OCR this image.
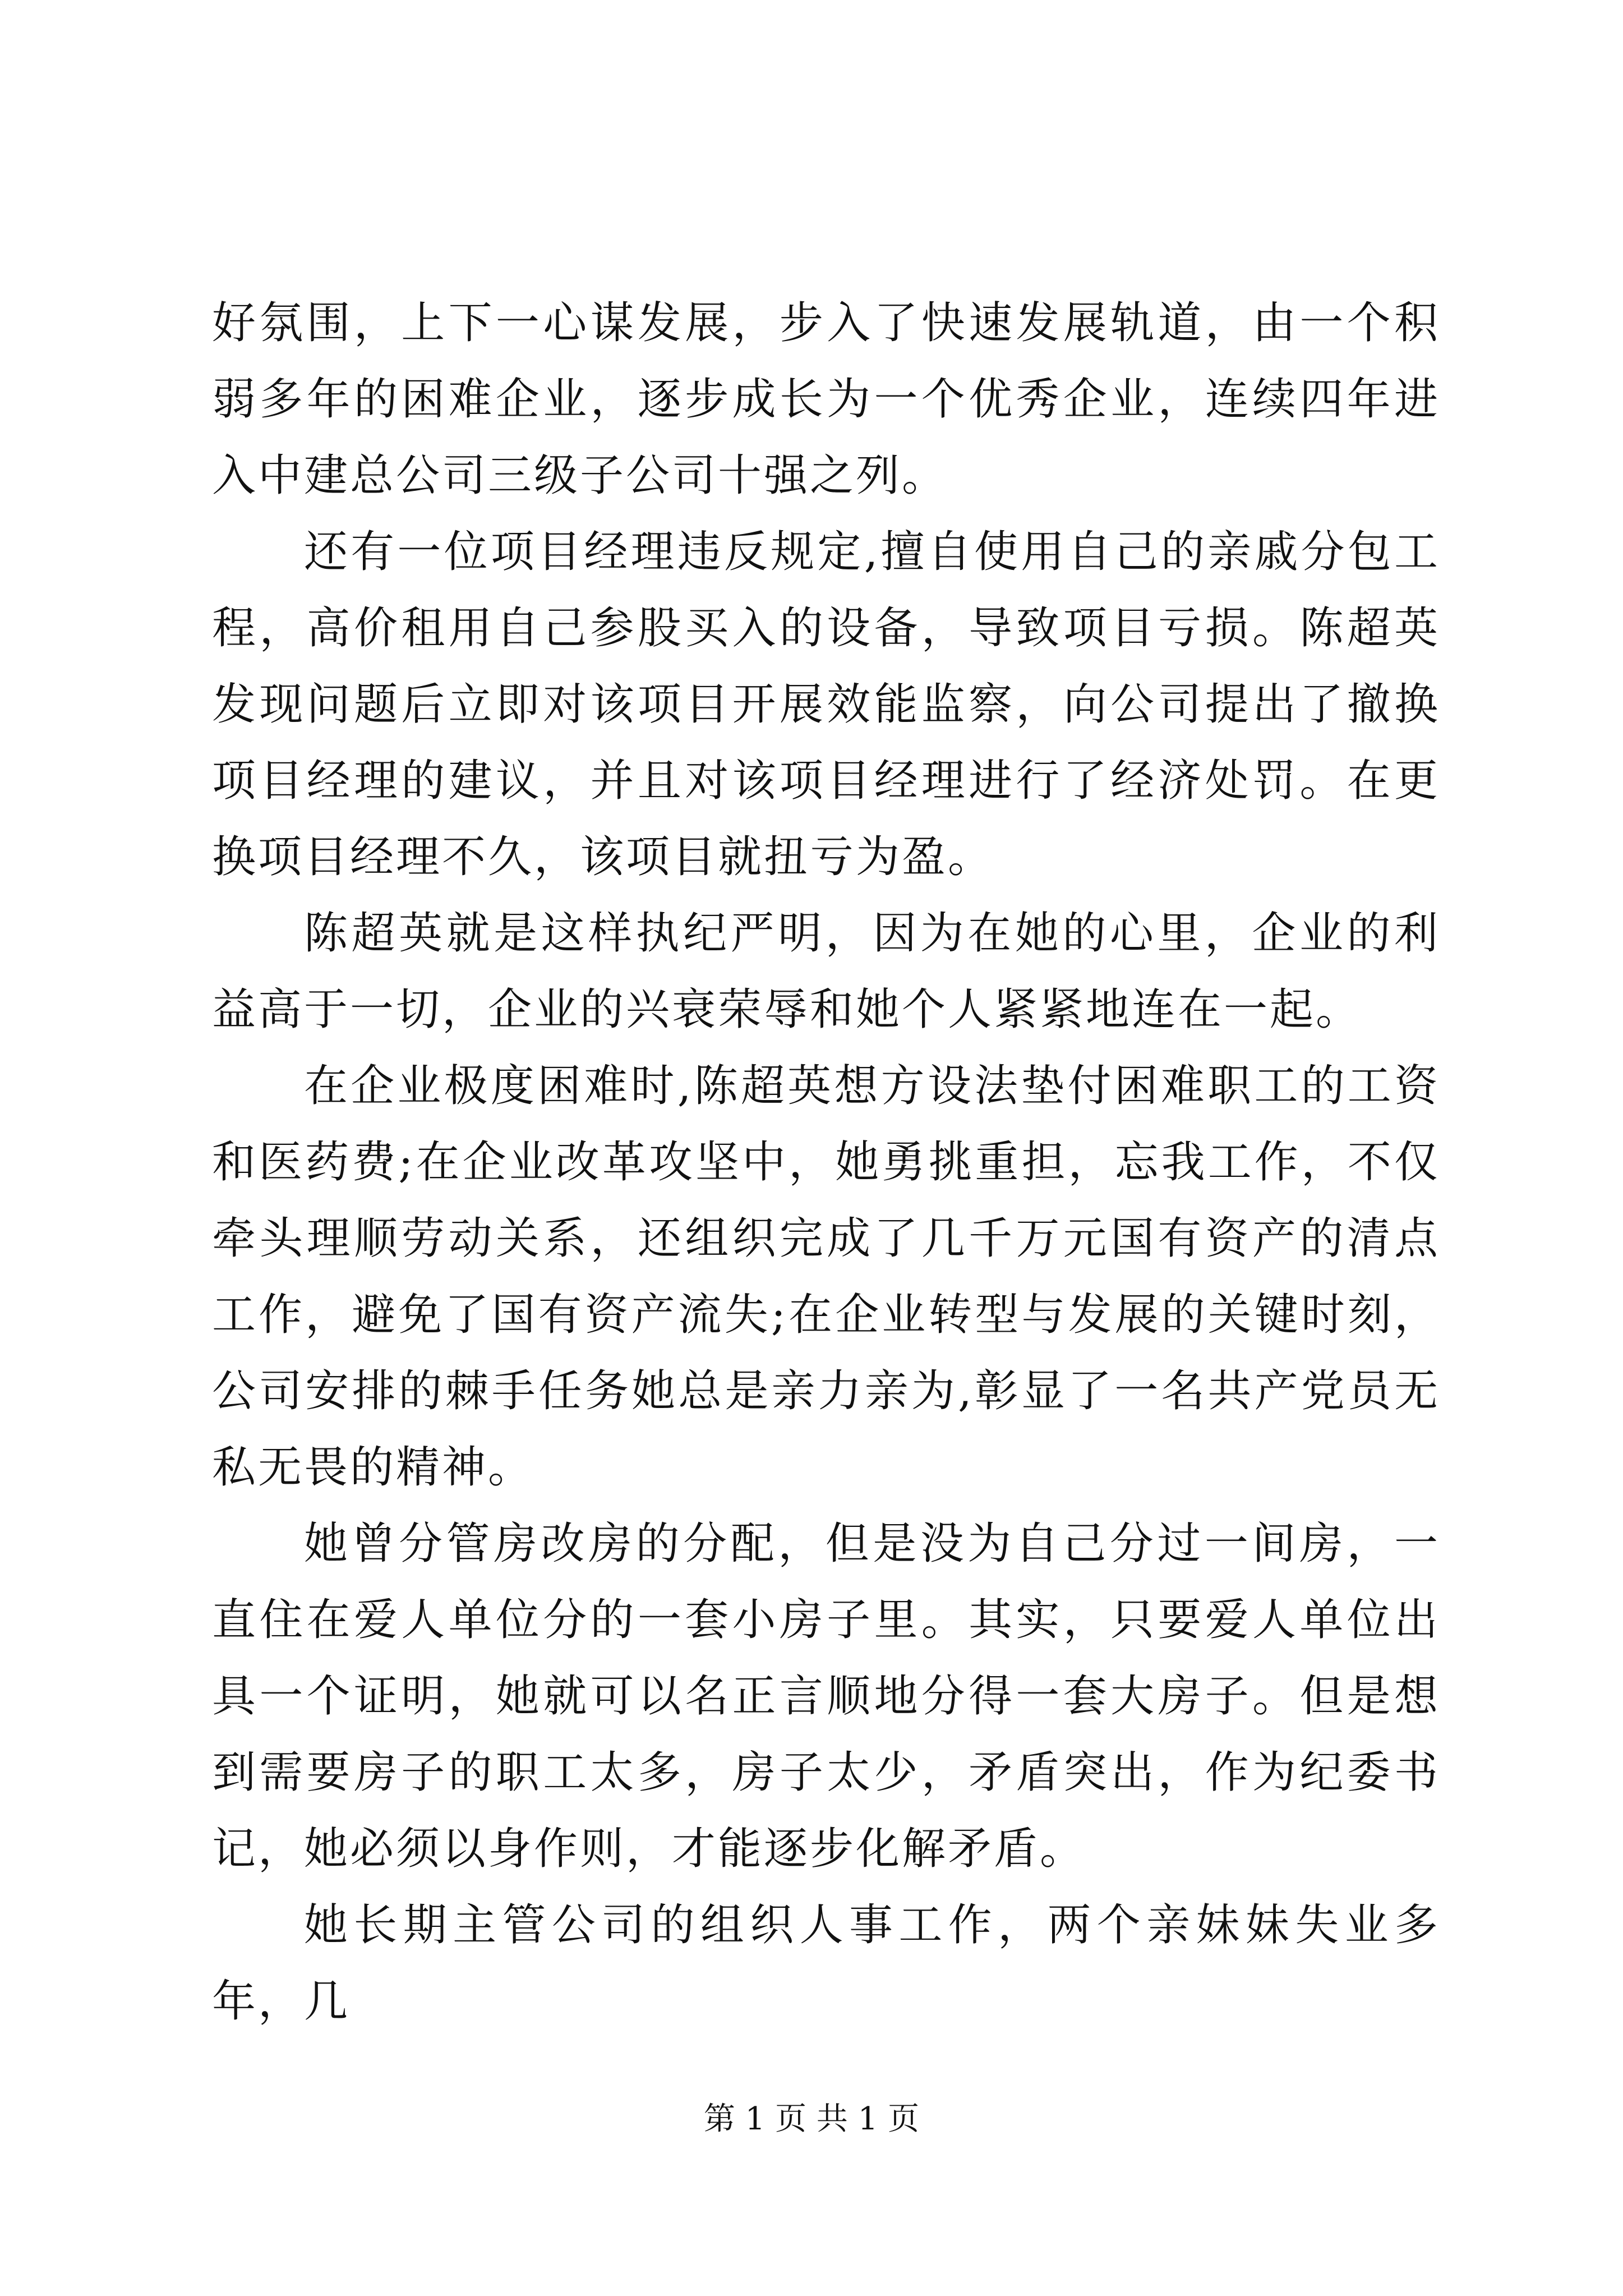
好氛围，上下一心谋发展，步入了快速发展轨道，由一个积弱多年的困难企业，逐步成长为一个优秀企业，连续四年进入中建总公司三级子公司十强之列。

还有一位项目经理违反规定,擅自使用自己的亲戚分包工程，高价租用自己参股买入的设备，导致项目亏损。陈超英发现问题后立即对该项目开展效能监察，向公司提出了撤换项目经理的建议，并且对该项目经理进行了经济处罚。在更换项目经理不久，该项目就扭亏为盈。

陈超英就是这样执纪严明，因为在她的心里，企业的利益高于一切，企业的兴衰荣辱和她个人紧紧地连在一起。

在企业极度困难时,陈超英想方设法垫付困难职工的工资和医药费;在企业改革攻坚中，她勇挑重担，忘我工作，不仅牵头理顺劳动关系，还组织完成了几千万元国有资产的清点工作，避免了国有资产流失;在企业转型与发展的关键时刻，公司安排的棘手任务她总是亲力亲为,彰显了一名共产党员无私无畏的精神。

她曾分管房改房的分配，但是没为自己分过一间房，一直住在爱人单位分的一套小房子里。其实，只要爱人单位出具一个证明，她就可以名正言顺地分得一套大房子。但是想到需要房子的职工太多，房子太少，矛盾突出，作为纪委书记，她必须以身作则，才能逐步化解矛盾。

她长期主管公司的组织人事工作，两个亲妹妹失业多年，几

第 1 页 共 1 页
